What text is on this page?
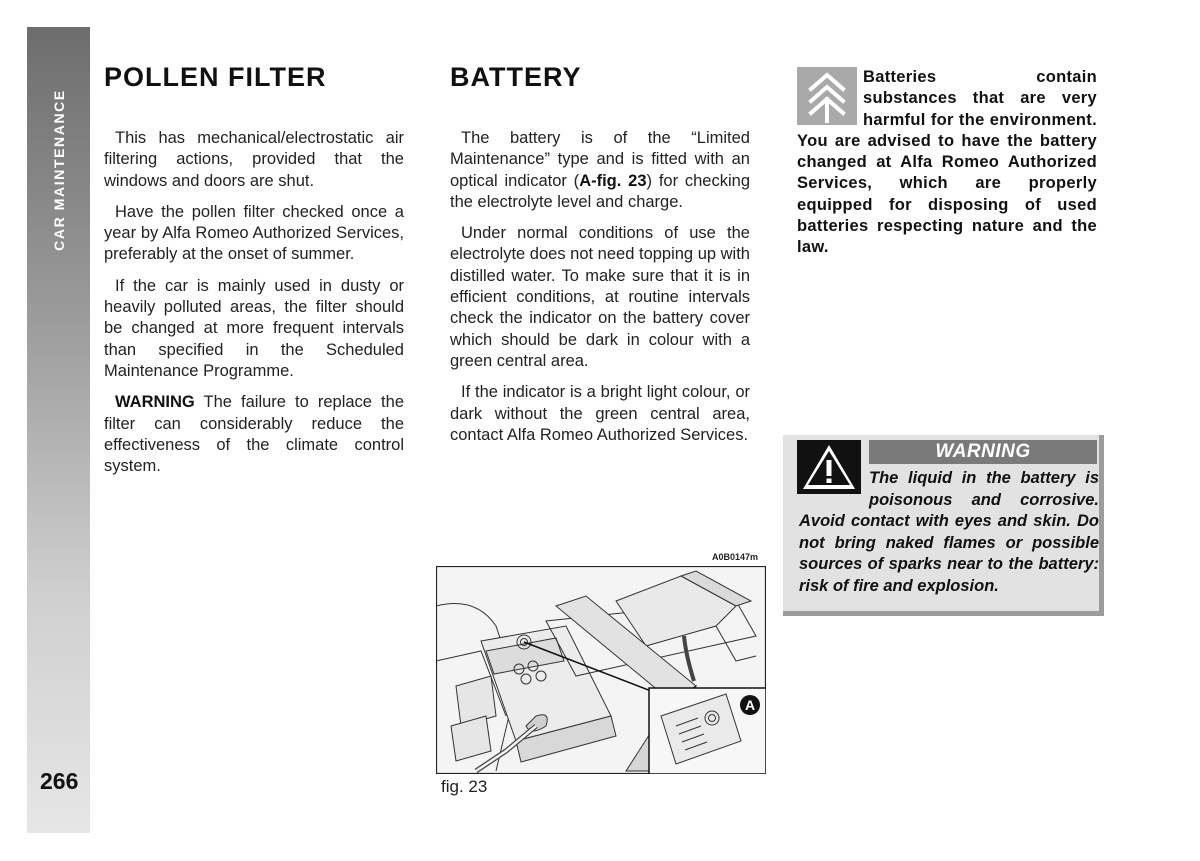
CAR MAINTENANCE
266
POLLEN FILTER	BATTERY

This has mechanical/electrostatic air filtering actions, provided that the windows and doors are shut.

Have the pollen filter checked once a year by Alfa Romeo Authorized Services, preferably at the onset of summer.

If the car is mainly used in dusty or heavily polluted areas, the filter should be changed at more frequent intervals than specified in the Scheduled Maintenance Programme.

WARNING The failure to replace the filter can considerably reduce the effectiveness of the climate control system.

The battery is of the “Limited Maintenance” type and is fitted with an optical indicator (A-fig. 23) for checking the electrolyte level and charge.

Under normal conditions of use the electrolyte does not need topping up with distilled water. To make sure that it is in efficient conditions, at routine intervals check the indicator on the battery cover which should be dark in colour with a green central area.

If the indicator is a bright light colour, or dark without the green central area, contact Alfa Romeo Authorized Services.

Batteries contain substances that are very harmful for the environment. You are advised to have the battery changed at Alfa Romeo Authorized Services, which are properly equipped for disposing of used batteries respecting nature and the law.
WARNING
The liquid in the battery is poisonous and corrosive. Avoid contact with eyes and skin. Do not bring naked flames or possible sources of sparks near to the battery: risk of fire and explosion.
A0B0147m
A
fig. 23
